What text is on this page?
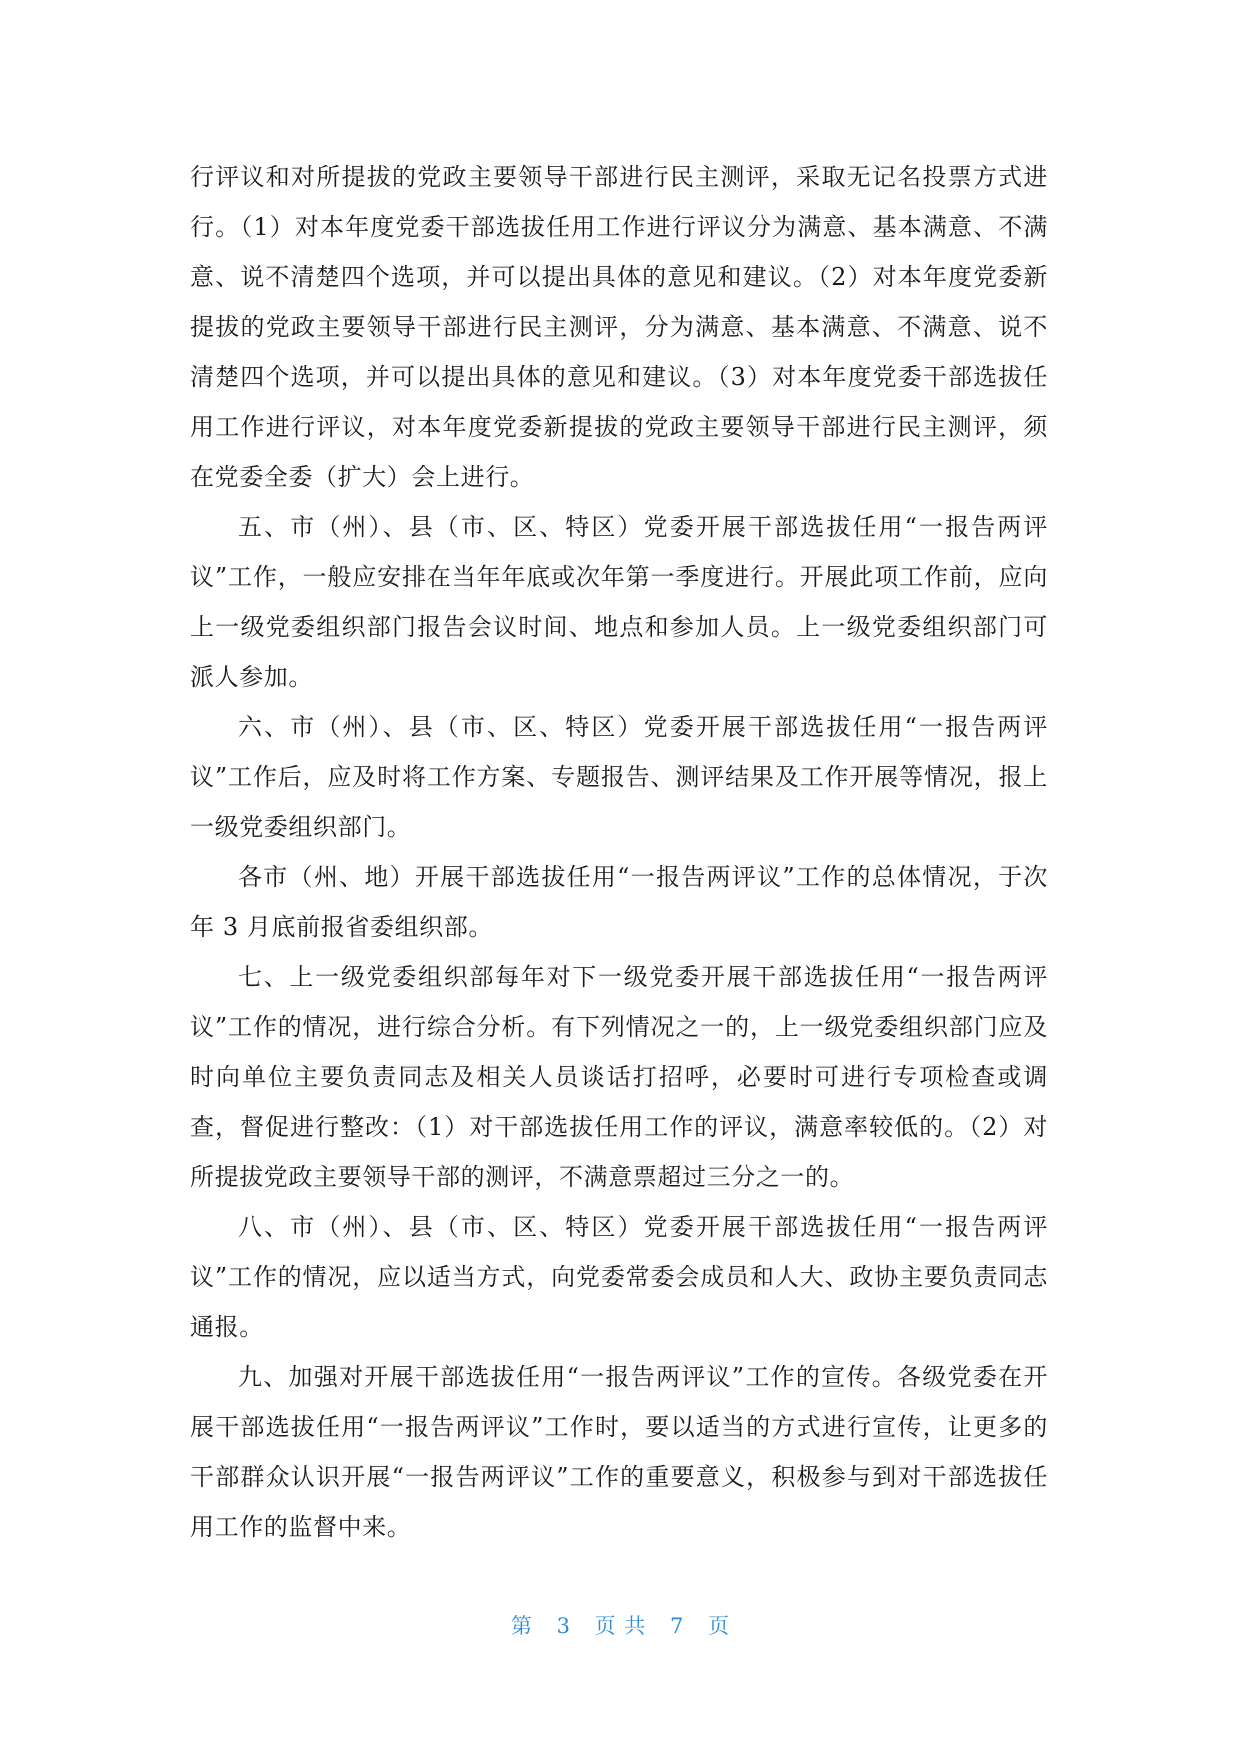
行评议和对所提拔的党政主要领导干部进行民主测评，采取无记名投票方式进行。（1）对本年度党委干部选拔任用工作进行评议分为满意、基本满意、不满意、说不清楚四个选项，并可以提出具体的意见和建议。（2）对本年度党委新提拔的党政主要领导干部进行民主测评，分为满意、基本满意、不满意、说不清楚四个选项，并可以提出具体的意见和建议。（3）对本年度党委干部选拔任用工作进行评议，对本年度党委新提拔的党政主要领导干部进行民主测评，须在党委全委（扩大）会上进行。

五、市（州）、县（市、区、特区）党委开展干部选拔任用“一报告两评议”工作，一般应安排在当年年底或次年第一季度进行。开展此项工作前，应向上一级党委组织部门报告会议时间、地点和参加人员。上一级党委组织部门可派人参加。

六、市（州）、县（市、区、特区）党委开展干部选拔任用“一报告两评议”工作后，应及时将工作方案、专题报告、测评结果及工作开展等情况，报上一级党委组织部门。

各市（州、地）开展干部选拔任用“一报告两评议”工作的总体情况，于次年 3 月底前报省委组织部。

七、上一级党委组织部每年对下一级党委开展干部选拔任用“一报告两评议”工作的情况，进行综合分析。有下列情况之一的，上一级党委组织部门应及时向单位主要负责同志及相关人员谈话打招呼，必要时可进行专项检查或调查，督促进行整改：（1）对干部选拔任用工作的评议，满意率较低的。（2）对所提拔党政主要领导干部的测评，不满意票超过三分之一的。

八、市（州）、县（市、区、特区）党委开展干部选拔任用“一报告两评议”工作的情况，应以适当方式，向党委常委会成员和人大、政协主要负责同志通报。

九、加强对开展干部选拔任用“一报告两评议”工作的宣传。各级党委在开展干部选拔任用“一报告两评议”工作时，要以适当的方式进行宣传，让更多的干部群众认识开展“一报告两评议”工作的重要意义，积极参与到对干部选拔任用工作的监督中来。

第 3 页 共 7 页
